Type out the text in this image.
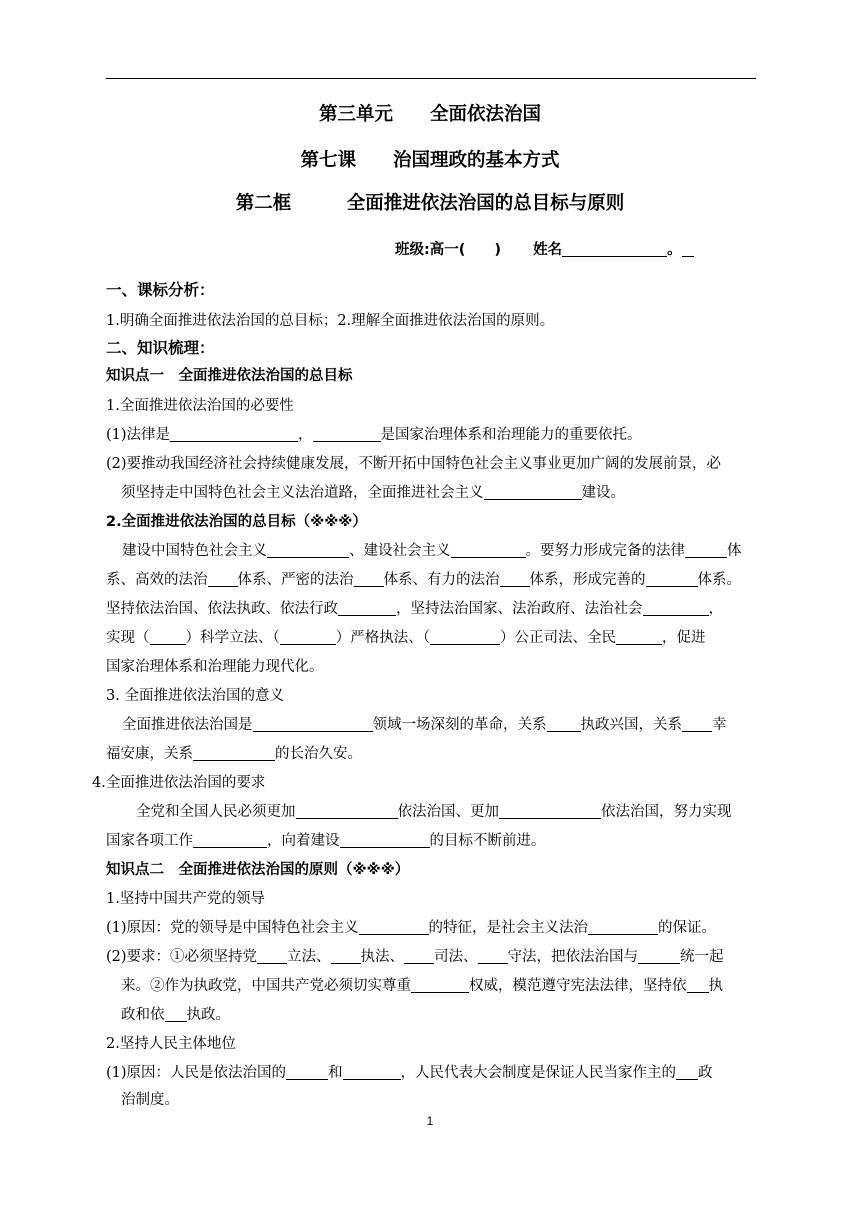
第三单元　　全面依法治国
第七课　　治国理政的基本方式
第二框　　　全面推进依法治国的总目标与原则
班级:高一(　　) 姓名	。
一、课标分析：
1.明确全面推进依法治国的总目标；2.理解全面推进依法治国的原则。
二、知识梳理：
知识点一　全面推进依法治国的总目标
1.全面推进依法治国的必要性
(1)法律是	，	是国家治理体系和治理能力的重要依托。
(2)要推动我国经济社会持续健康发展，不断开拓中国特色社会主义事业更加广阔的发展前景，必
须坚持走中国特色社会主义法治道路，全面推进社会主义	建设。
2.全面推进依法治国的总目标（※※※）
建设中国特色社会主义	、建设社会主义	。要努力形成完备的法律	体
系、高效的法治 体系、严密的法治 体系、有力的法治 体系，形成完善的	体系。
坚持依法治国、依法执政、依法行政	，坚持法治国家、法治政府、法治社会	，
实现（ ）科学立法、（	）严格执法、（	）公正司法、全民	，促进
国家治理体系和治理能力现代化。
3. 全面推进依法治国的意义
全面推进依法治国是	领域一场深刻的革命，关系 执政兴国，关系 幸
福安康，关系	的长治久安。
4.全面推进依法治国的要求
全党和全国人民必须更加	依法治国、更加	依法治国，努力实现
国家各项工作	，向着建设	的目标不断前进。
知识点二　全面推进依法治国的原则（※※※）
1.坚持中国共产党的领导
(1)原因：党的领导是中国特色社会主义	的特征，是社会主义法治	的保证。
(2)要求：①必须坚持党 立法、 执法、 司法、 守法，把依法治国与	统一起
来。②作为执政党，中国共产党必须切实尊重	权威，模范遵守宪法法律，坚持依 执
政和依 执政。
2.坚持人民主体地位
(1)原因：人民是依法治国的	和	，人民代表大会制度是保证人民当家作主的 政
治制度。
1
